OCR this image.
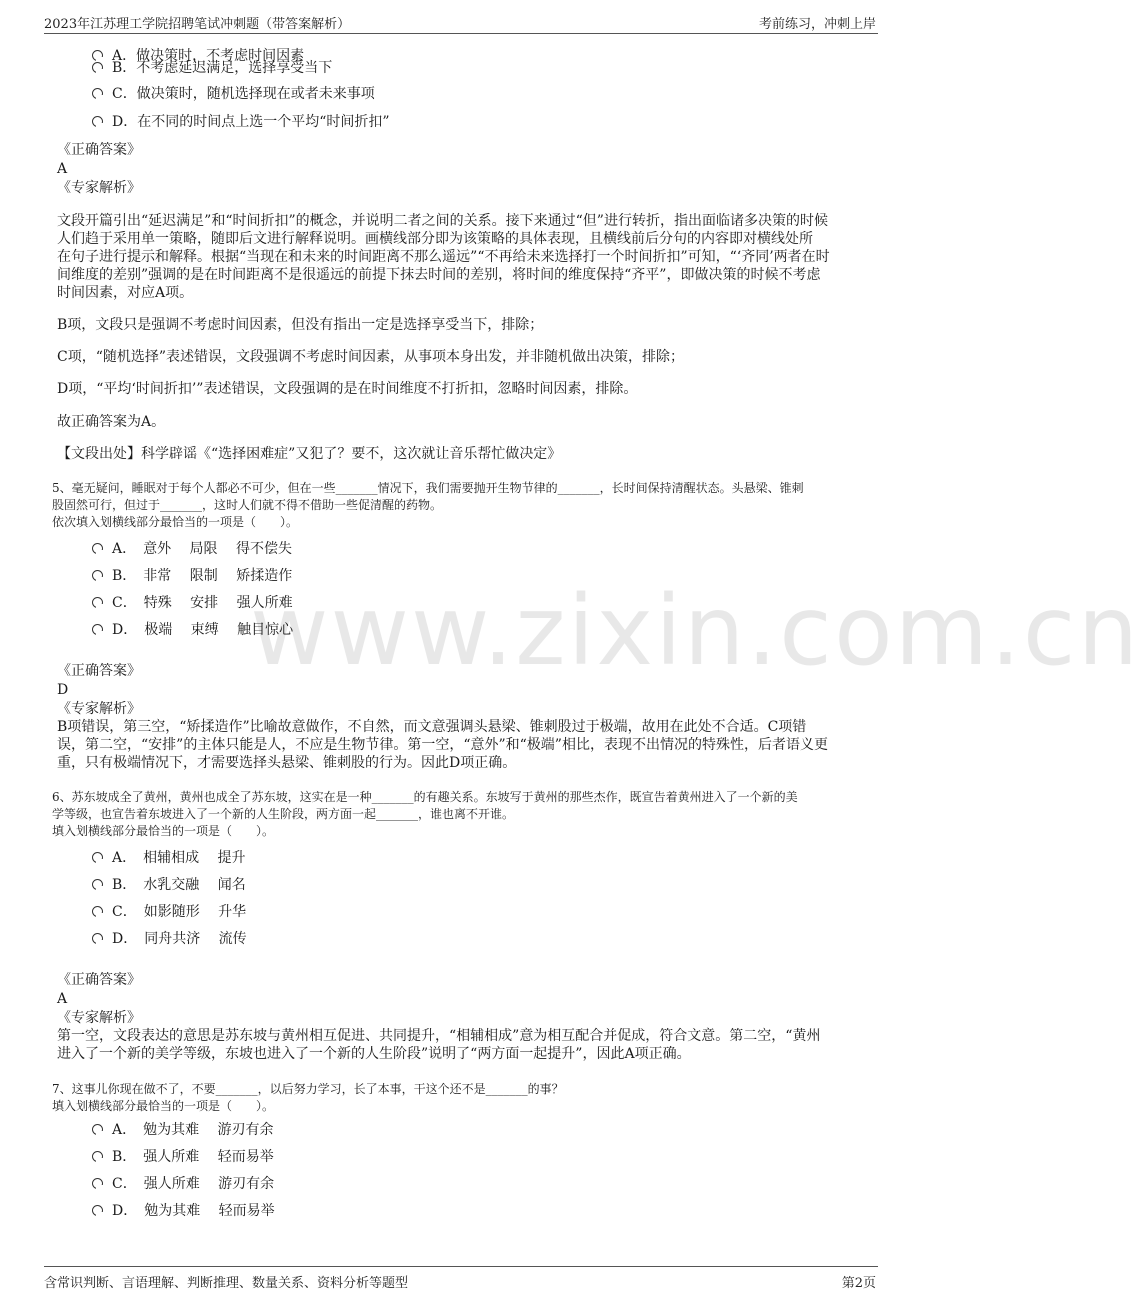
2023年江苏理工学院招聘笔试冲刺题（带答案解析）	考前练习，冲刺上岸
www.zixin.com.cn
A．做决策时，不考虑时间因素
B．不考虑延迟满足，选择享受当下
C．做决策时，随机选择现在或者未来事项
D．在不同的时间点上选一个平均“时间折扣”
《正确答案》
A
《专家解析》
文段开篇引出“延迟满足”和“时间折扣”的概念，并说明二者之间的关系。接下来通过“但”进行转折，指出面临诸多决策的时候
人们趋于采用单一策略，随即后文进行解释说明。画横线部分即为该策略的具体表现，且横线前后分句的内容即对横线处所
在句子进行提示和解释。根据“当现在和未来的时间距离不那么遥远”“不再给未来选择打一个时间折扣”可知，“‘齐同’两者在时
间维度的差别”强调的是在时间距离不是很遥远的前提下抹去时间的差别，将时间的维度保持“齐平”，即做决策的时候不考虑
时间因素，对应A项。
B项，文段只是强调不考虑时间因素，但没有指出一定是选择享受当下，排除；
C项，“随机选择”表述错误，文段强调不考虑时间因素，从事项本身出发，并非随机做出决策，排除；
D项，“平均‘时间折扣’”表述错误，文段强调的是在时间维度不打折扣，忽略时间因素，排除。
故正确答案为A。
【文段出处】科学辟谣《“选择困难症”又犯了？要不，这次就让音乐帮忙做决定》
5、毫无疑问，睡眠对于每个人都必不可少，但在一些_______情况下，我们需要抛开生物节律的_______，长时间保持清醒状态。头悬梁、锥刺
股固然可行，但过于_______，这时人们就不得不借助一些促清醒的药物。
依次填入划横线部分最恰当的一项是（　　）。
A．　意外　 局限　 得不偿失
B．　非常　 限制　 矫揉造作
C．　特殊　 安排　 强人所难
D．　极端　 束缚　 触目惊心
《正确答案》
D
《专家解析》
B项错误，第三空，“矫揉造作”比喻故意做作，不自然，而文意强调头悬梁、锥刺股过于极端，故用在此处不合适。C项错
误，第二空，“安排”的主体只能是人，不应是生物节律。第一空，“意外”和“极端”相比，表现不出情况的特殊性，后者语义更
重，只有极端情况下，才需要选择头悬梁、锥刺股的行为。因此D项正确。
6、苏东坡成全了黄州，黄州也成全了苏东坡，这实在是一种_______的有趣关系。东坡写于黄州的那些杰作，既宣告着黄州进入了一个新的美
学等级，也宣告着东坡进入了一个新的人生阶段，两方面一起_______，谁也离不开谁。
填入划横线部分最恰当的一项是（　　）。
A．　相辅相成　 提升
B．　水乳交融　 闻名
C．　如影随形　 升华
D．　同舟共济　 流传
《正确答案》
A
《专家解析》
第一空，文段表达的意思是苏东坡与黄州相互促进、共同提升，“相辅相成”意为相互配合并促成，符合文意。第二空，“黄州
进入了一个新的美学等级，东坡也进入了一个新的人生阶段”说明了“两方面一起提升”，因此A项正确。
7、这事儿你现在做不了，不要_______，以后努力学习，长了本事，干这个还不是_______的事？
填入划横线部分最恰当的一项是（　　）。
A．　勉为其难　 游刃有余
B．　强人所难　 轻而易举
C．　强人所难　 游刃有余
D．　勉为其难　 轻而易举
含常识判断、言语理解、判断推理、数量关系、资料分析等题型	第2页
